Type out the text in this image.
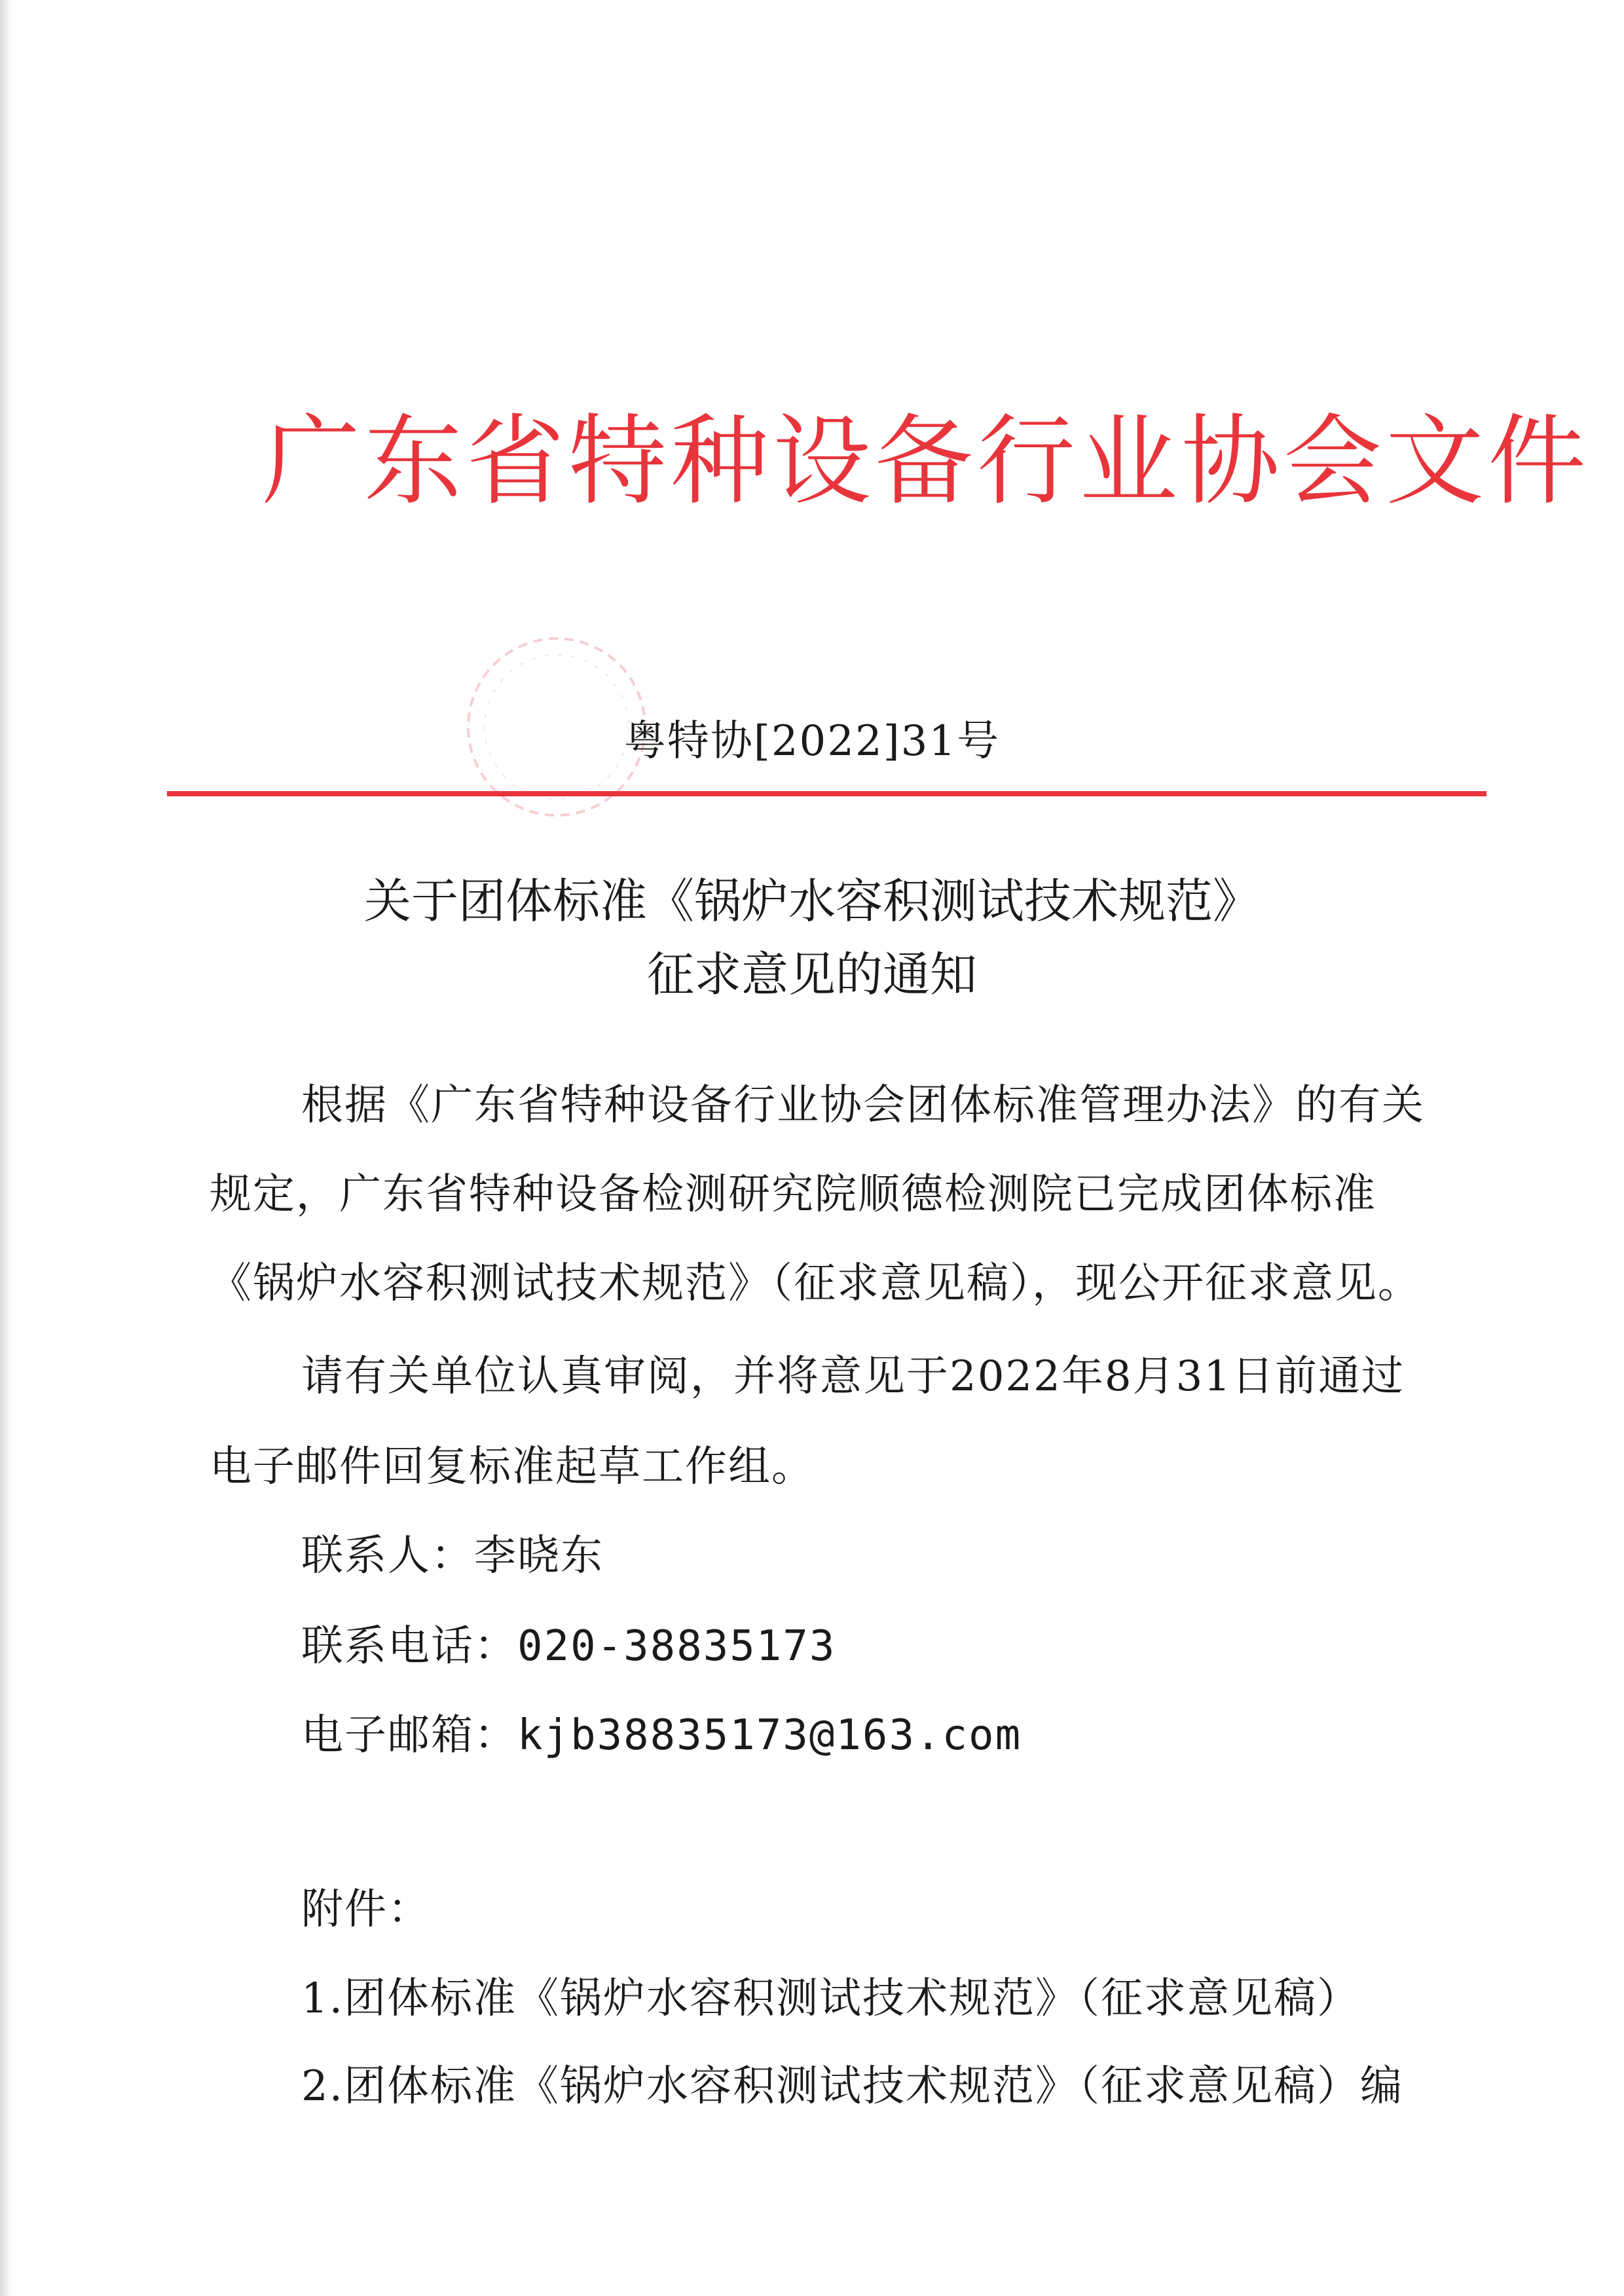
广东省特种设备行业协会文件
粤特协[2022]31号
关于团体标准《锅炉水容积测试技术规范》
征求意见的通知
根据《广东省特种设备行业协会团体标准管理办法》的有关
规定，广东省特种设备检测研究院顺德检测院已完成团体标准
《锅炉水容积测试技术规范》（征求意见稿），现公开征求意见。
请有关单位认真审阅，并将意见于2022年8月31日前通过
电子邮件回复标准起草工作组。
联系人：李晓东
联系电话：020-38835173
电子邮箱：kjb38835173@163.com
附件：
1.团体标准《锅炉水容积测试技术规范》（征求意见稿）
2.团体标准《锅炉水容积测试技术规范》（征求意见稿）编
